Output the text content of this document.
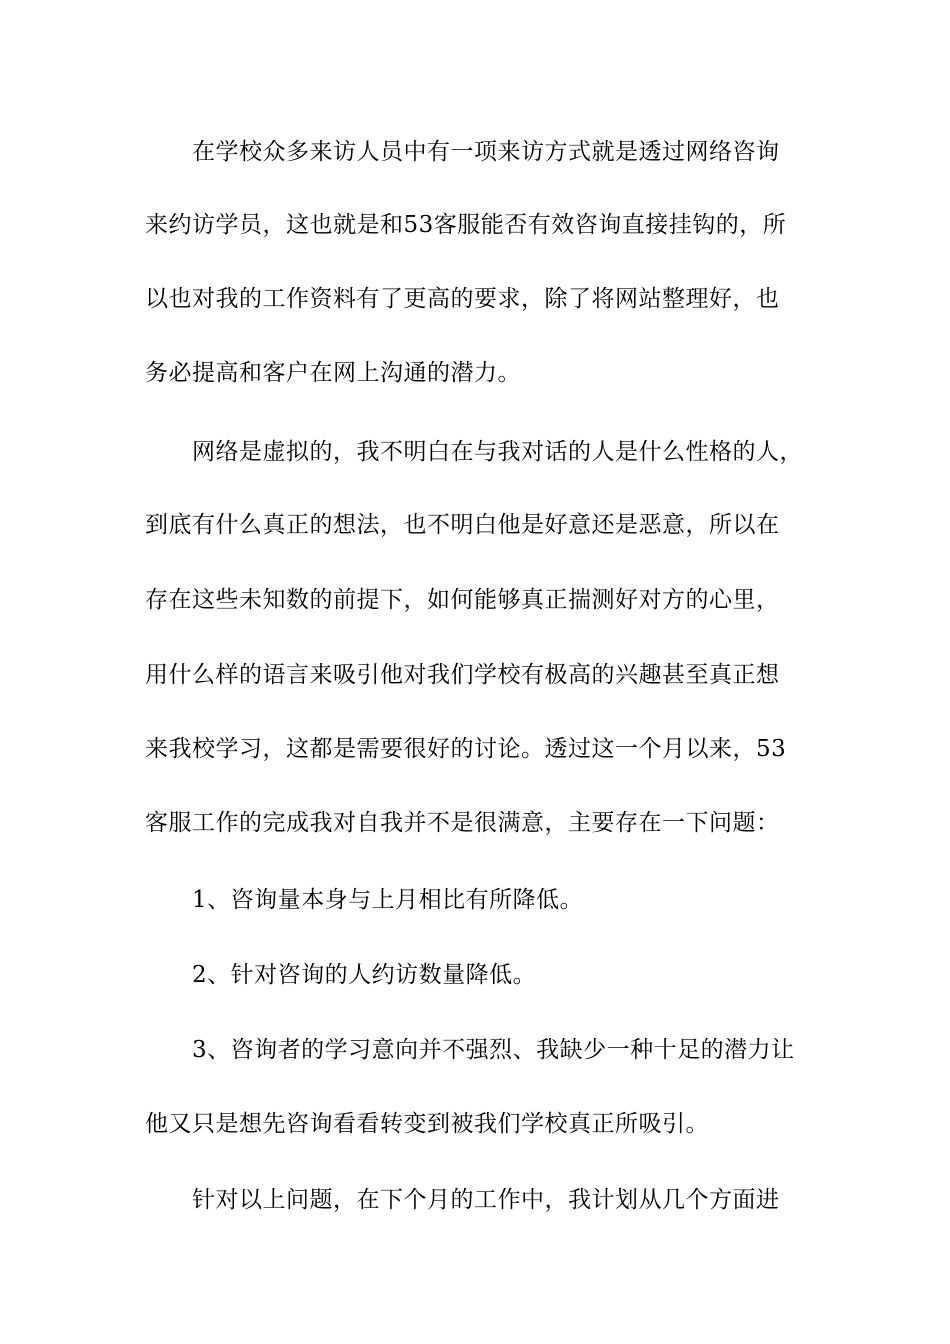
在学校众多来访人员中有一项来访方式就是透过网络咨询
来约访学员，这也就是和53客服能否有效咨询直接挂钩的，所
以也对我的工作资料有了更高的要求，除了将网站整理好，也
务必提高和客户在网上沟通的潜力。
网络是虚拟的，我不明白在与我对话的人是什么性格的人，
到底有什么真正的想法，也不明白他是好意还是恶意，所以在
存在这些未知数的前提下，如何能够真正揣测好对方的心里，
用什么样的语言来吸引他对我们学校有极高的兴趣甚至真正想
来我校学习，这都是需要很好的讨论。透过这一个月以来，53
客服工作的完成我对自我并不是很满意，主要存在一下问题：
1、咨询量本身与上月相比有所降低。
2、针对咨询的人约访数量降低。
3、咨询者的学习意向并不强烈、我缺少一种十足的潜力让
他又只是想先咨询看看转变到被我们学校真正所吸引。
针对以上问题，在下个月的工作中，我计划从几个方面进
